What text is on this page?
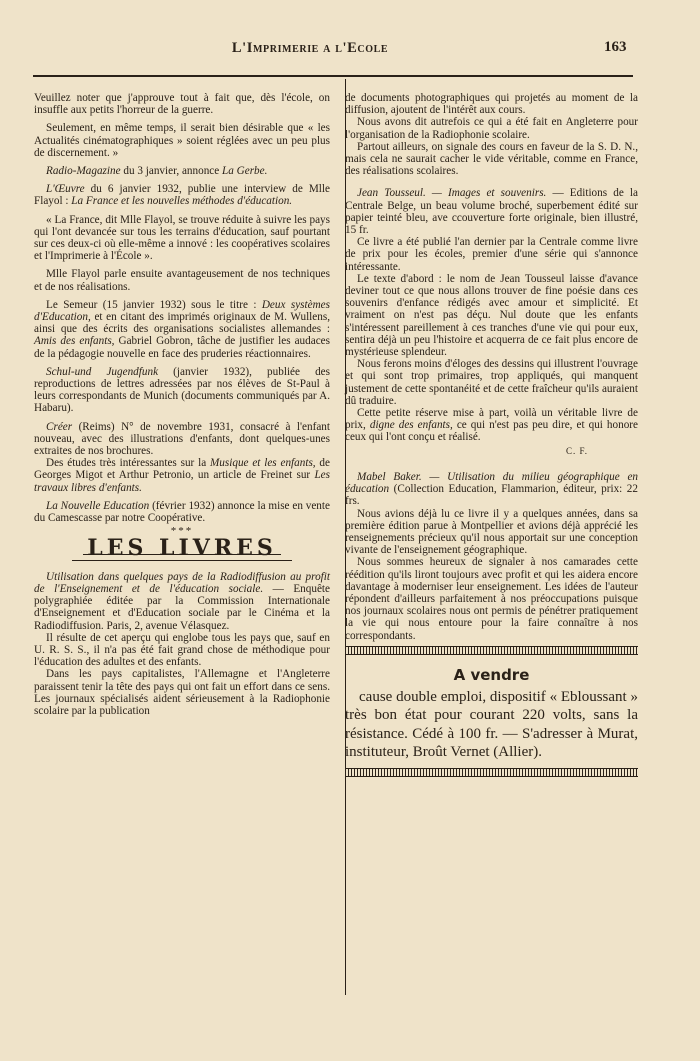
L'Imprimerie a l'Ecole	163

Veuillez noter que j'approuve tout à fait que, dès l'école, on insuffle aux petits l'horreur de la guerre.

Seulement, en même temps, il serait bien désirable que « les Actualités cinématographiques » soient réglées avec un peu plus de discernement. »

Radio-Magazine du 3 janvier, annonce La Gerbe.

L'Œuvre du 6 janvier 1932, publie une interview de Mlle Flayol : La France et les nouvelles méthodes d'éducation.

« La France, dit Mlle Flayol, se trouve réduite à suivre les pays qui l'ont devancée sur tous les terrains d'éducation, sauf pourtant sur ces deux-ci où elle-même a innové : les coopératives scolaires et l'Imprimerie à l'École ».

Mlle Flayol parle ensuite avantageusement de nos techniques et de nos réalisations.

Le Semeur (15 janvier 1932) sous le titre : Deux systèmes d'Education, et en citant des imprimés originaux de M. Wullens, ainsi que des écrits des organisations socialistes allemandes : Amis des enfants, Gabriel Gobron, tâche de justifier les audaces de la pédagogie nouvelle en face des pruderies réactionnaires.

Schul-und Jugendfunk (janvier 1932), publiée des reproductions de lettres adressées par nos élèves de St-Paul à leurs correspondants de Munich (documents communiqués par A. Habaru).

Créer (Reims) N° de novembre 1931, consacré à l'enfant nouveau, avec des illustrations d'enfants, dont quelques-unes extraites de nos brochures.

Des études très intéressantes sur la Musique et les enfants, de Georges Migot et Arthur Petronio, un article de Freinet sur Les travaux libres d'enfants.

La Nouvelle Education (février 1932) annonce la mise en vente du Camescasse par notre Coopérative.

***
LES LIVRES

Utilisation dans quelques pays de la Radiodiffusion au profit de l'Enseignement et de l'éducation sociale. — Enquête polygraphiée éditée par la Commission Internationale d'Enseignement et d'Education sociale par le Cinéma et la Radiodiffusion. Paris, 2, avenue Vélasquez.

Il résulte de cet aperçu qui englobe tous les pays que, sauf en U. R. S. S., il n'a pas été fait grand chose de méthodique pour l'éducation des adultes et des enfants.

Dans les pays capitalistes, l'Allemagne et l'Angleterre paraissent tenir la tête des pays qui ont fait un effort dans ce sens. Les journaux spécialisés aident sérieusement à la Radiophonie scolaire par la publication

de documents photographiques qui projetés au moment de la diffusion, ajoutent de l'intérêt aux cours.

Nous avons dit autrefois ce qui a été fait en Angleterre pour l'organisation de la Radiophonie scolaire.

Partout ailleurs, on signale des cours en faveur de la S. D. N., mais cela ne saurait cacher le vide véritable, comme en France, des réalisations scolaires.

Jean Tousseul. — Images et souvenirs. — Editions de la Centrale Belge, un beau volume broché, superbement édité sur papier teinté bleu, ave ccouverture forte originale, bien illustré, 15 fr.

Ce livre a été publié l'an dernier par la Centrale comme livre de prix pour les écoles, premier d'une série qui s'annonce intéressante.

Le texte d'abord : le nom de Jean Tousseul laisse d'avance deviner tout ce que nous allons trouver de fine poésie dans ces souvenirs d'enfance rédigés avec amour et simplicité. Et vraiment on n'est pas déçu. Nul doute que les enfants s'intéressent pareillement à ces tranches d'une vie qui pour eux, sentira déjà un peu l'histoire et acquerra de ce fait plus encore de mystérieuse splendeur.

Nous ferons moins d'éloges des dessins qui illustrent l'ouvrage et qui sont trop primaires, trop appliqués, qui manquent justement de cette spontanéité et de cette fraîcheur qu'ils auraient dû traduire.

Cette petite réserve mise à part, voilà un véritable livre de prix, digne des enfants, ce qui n'est pas peu dire, et qui honore ceux qui l'ont conçu et réalisé.

C. F.

Mabel Baker. — Utilisation du milieu géographique en éducation (Collection Education, Flammarion, éditeur, prix: 22 frs.

Nous avions déjà lu ce livre il y a quelques années, dans sa première édition parue à Montpellier et avions déjà apprécié les renseignements précieux qu'il nous apportait sur une conception vivante de l'enseignement géographique.

Nous sommes heureux de signaler à nos camarades cette réédition qu'ils liront toujours avec profit et qui les aidera encore davantage à moderniser leur enseignement. Les idées de l'auteur répondent d'ailleurs parfaitement à nos préoccupations puisque nos journaux scolaires nous ont permis de pénétrer pratiquement la vie qui nous entoure pour la faire connaître à nos correspondants.

A vendre

cause double emploi, dispositif « Ebloussant » très bon état pour courant 220 volts, sans la résistance. Cédé à 100 fr. — S'adresser à Murat, instituteur, Broût Vernet (Allier).
